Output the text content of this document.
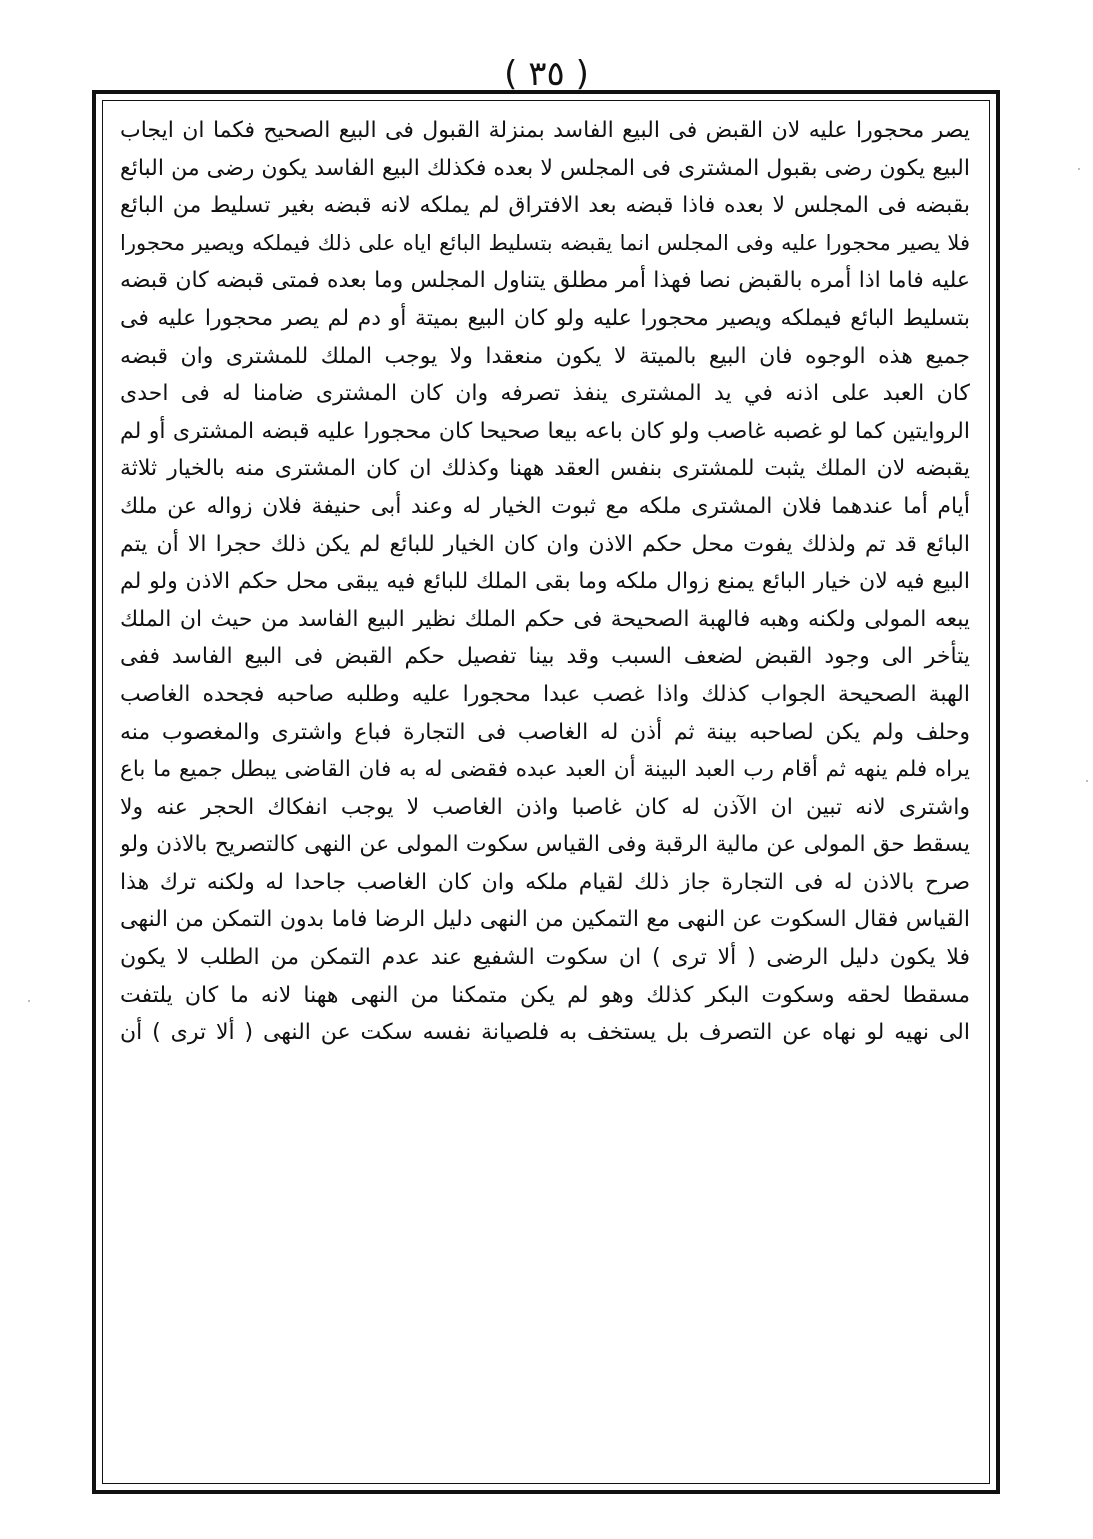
( ٣٥ )
يصر محجورا عليه لان القبض فى البيع الفاسد بمنزلة القبول فى البيع الصحيح فكما ان ايجاب
البيع يكون رضى بقبول المشترى فى المجلس لا بعده فكذلك البيع الفاسد يكون رضى من البائع
بقبضه فى المجلس لا بعده فاذا قبضه بعد الافتراق لم يملكه لانه قبضه بغير تسليط من البائع
فلا يصير محجورا عليه وفى المجلس انما يقبضه بتسليط البائع اياه على ذلك فيملكه ويصير محجورا
عليه فاما اذا أمره بالقبض نصا فهذا أمر مطلق يتناول المجلس وما بعده فمتى قبضه كان قبضه
بتسليط البائع فيملكه ويصير محجورا عليه ولو كان البيع بميتة أو دم لم يصر محجورا عليه فى
جميع هذه الوجوه فان البيع بالميتة لا يكون منعقدا ولا يوجب الملك للمشترى وان قبضه
كان العبد على اذنه في يد المشترى ينفذ تصرفه وان كان المشترى ضامنا له فى احدى
الروايتين كما لو غصبه غاصب ولو كان باعه بيعا صحيحا كان محجورا عليه قبضه المشترى أو لم
يقبضه لان الملك يثبت للمشترى بنفس العقد ههنا وكذلك ان كان المشترى منه بالخيار ثلاثة
أيام أما عندهما فلان المشترى ملكه مع ثبوت الخيار له وعند أبى حنيفة فلان زواله عن ملك
البائع قد تم ولذلك يفوت محل حكم الاذن وان كان الخيار للبائع لم يكن ذلك حجرا الا أن يتم
البيع فيه لان خيار البائع يمنع زوال ملكه وما بقى الملك للبائع فيه يبقى محل حكم الاذن ولو لم
يبعه المولى ولكنه وهبه فالهبة الصحيحة فى حكم الملك نظير البيع الفاسد من حيث ان الملك
يتأخر الى وجود القبض لضعف السبب وقد بينا تفصيل حكم القبض فى البيع الفاسد ففى
الهبة الصحيحة الجواب كذلك واذا غصب عبدا محجورا عليه وطلبه صاحبه فجحده الغاصب
وحلف ولم يكن لصاحبه بينة ثم أذن له الغاصب فى التجارة فباع واشترى والمغصوب منه
يراه فلم ينهه ثم أقام رب العبد البينة أن العبد عبده فقضى له به فان القاضى يبطل جميع ما باع
واشترى لانه تبين ان الآذن له كان غاصبا واذن الغاصب لا يوجب انفكاك الحجر عنه ولا
يسقط حق المولى عن مالية الرقبة وفى القياس سكوت المولى عن النهى كالتصريح بالاذن ولو
صرح بالاذن له فى التجارة جاز ذلك لقيام ملكه وان كان الغاصب جاحدا له ولكنه ترك هذا
القياس فقال السكوت عن النهى مع التمكين من النهى دليل الرضا فاما بدون التمكن من النهى
فلا يكون دليل الرضى ( ألا ترى ) ان سكوت الشفيع عند عدم التمكن من الطلب لا يكون
مسقطا لحقه وسكوت البكر كذلك وهو لم يكن متمكنا من النهى ههنا لانه ما كان يلتفت
الى نهيه لو نهاه عن التصرف بل يستخف به فلصيانة نفسه سكت عن النهى ( ألا ترى ) أن
